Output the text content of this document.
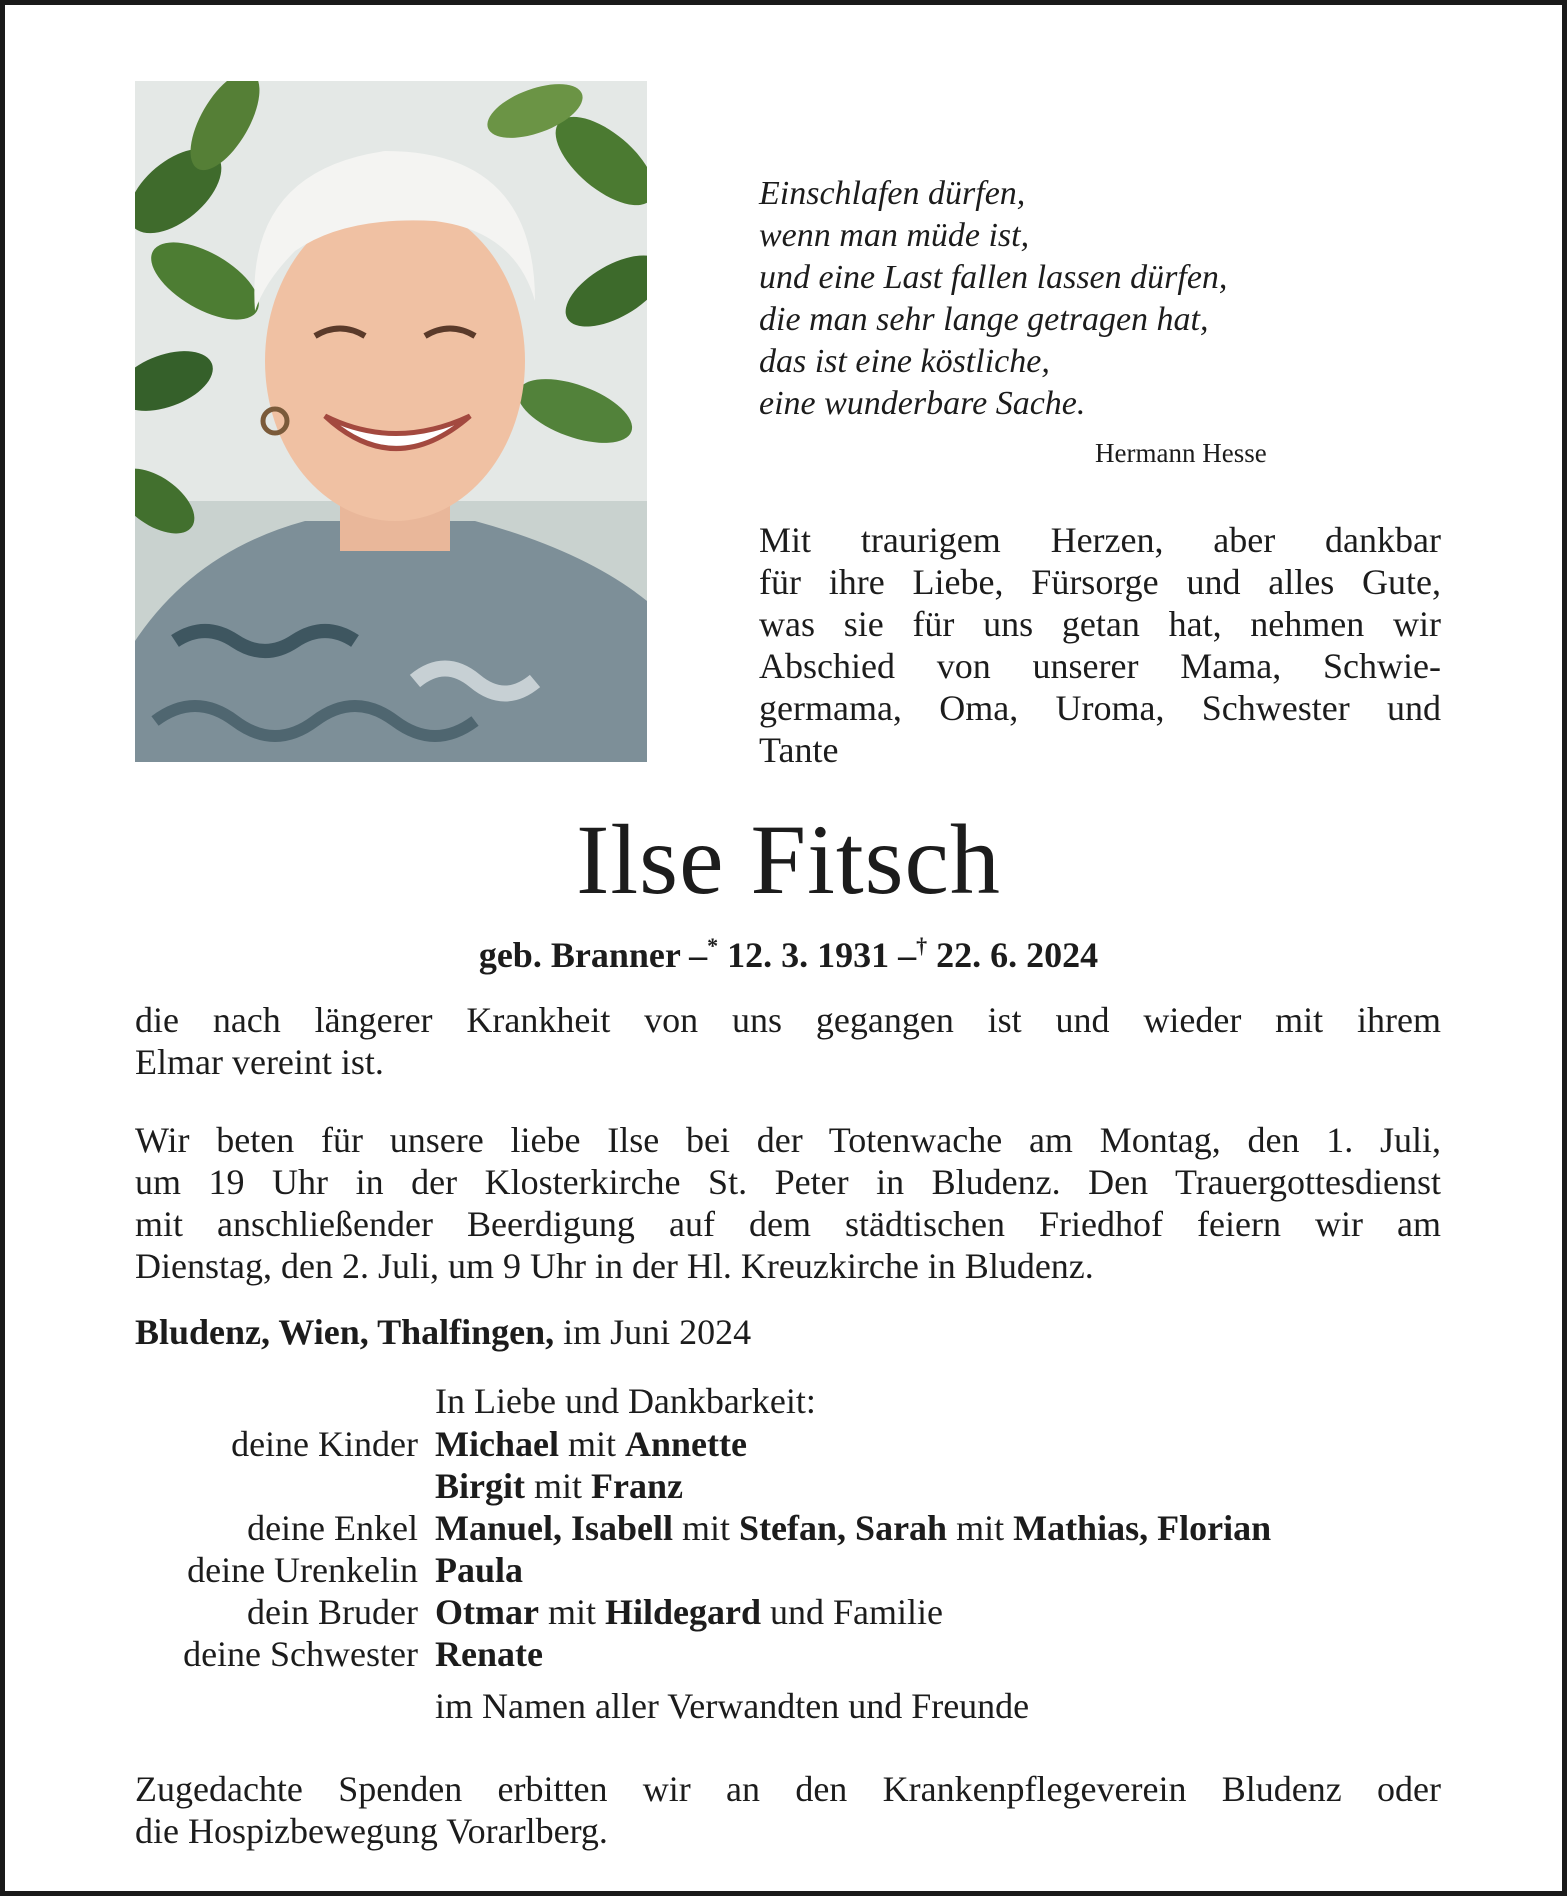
Einschlafen dürfen,
wenn man müde ist,
und eine Last fallen lassen dürfen,
die man sehr lange getragen hat,
das ist eine köstliche,
eine wunderbare Sache.
Hermann Hesse
Mit traurigem Herzen, aber dankbar
für ihre Liebe, Fürsorge und alles Gute,
was sie für uns getan hat, nehmen wir
Abschied von unserer Mama, Schwie-
germama, Oma, Uroma, Schwester und
Tante
Ilse Fitsch
geb. Branner –* 12. 3. 1931 –† 22. 6. 2024
die nach längerer Krankheit von uns gegangen ist und wieder mit ihrem
Elmar vereint ist.
Wir beten für unsere liebe Ilse bei der Totenwache am Montag, den 1. Juli,
um 19 Uhr in der Klosterkirche St. Peter in Bludenz. Den Trauergottesdienst
mit anschließender Beerdigung auf dem städtischen Friedhof feiern wir am
Dienstag, den 2. Juli, um 9 Uhr in der Hl. Kreuzkirche in Bludenz.
Bludenz, Wien, Thalfingen, im Juni 2024
In Liebe und Dankbarkeit:
deine Kinder Michael mit Annette
Birgit mit Franz
deine Enkel Manuel, Isabell mit Stefan, Sarah mit Mathias, Florian
deine Urenkelin Paula
dein Bruder Otmar mit Hildegard und Familie
deine Schwester Renate
im Namen aller Verwandten und Freunde
Zugedachte Spenden erbitten wir an den Krankenpflegeverein Bludenz oder
die Hospizbewegung Vorarlberg.
